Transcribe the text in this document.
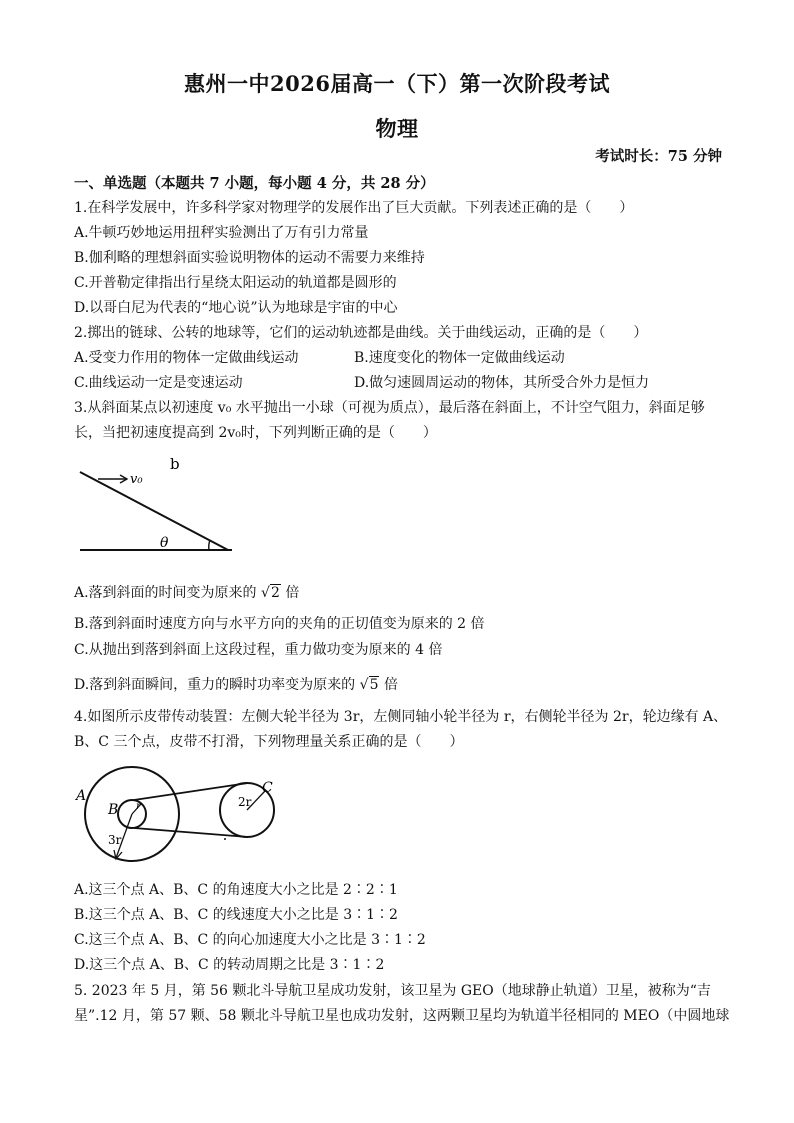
惠州一中2026届高一（下）第一次阶段考试
物理
考试时长：75 分钟
一、单选题（本题共 7 小题，每小题 4 分，共 28 分）
1.在科学发展中，许多科学家对物理学的发展作出了巨大贡献。下列表述正确的是（　　）
A.牛顿巧妙地运用扭秤实验测出了万有引力常量
B.伽利略的理想斜面实验说明物体的运动不需要力来维持
C.开普勒定律指出行星绕太阳运动的轨道都是圆形的
D.以哥白尼为代表的“地心说”认为地球是宇宙的中心
2.掷出的链球、公转的地球等，它们的运动轨迹都是曲线。关于曲线运动，正确的是（　　）
A.受变力作用的物体一定做曲线运动	B.速度变化的物体一定做曲线运动
C.曲线运动一定是变速运动	D.做匀速圆周运动的物体，其所受合外力是恒力
3.从斜面某点以初速度 v₀ 水平抛出一小球（可视为质点），最后落在斜面上，不计空气阻力，斜面足够
长，当把初速度提高到 2v₀时，下列判断正确的是（　　）
v₀
b
θ
A.落到斜面的时间变为原来的 √2 倍
B.落到斜面时速度方向与水平方向的夹角的正切值变为原来的 2 倍
C.从抛出到落到斜面上这段过程，重力做功变为原来的 4 倍
D.落到斜面瞬间，重力的瞬时功率变为原来的 √5 倍
4.如图所示皮带传动装置：左侧大轮半径为 3r，左侧同轴小轮半径为 r，右侧轮半径为 2r，轮边缘有 A、
B、C 三个点，皮带不打滑，下列物理量关系正确的是（　　）
A
B r
3r
C
2r
A.这三个点 A、B、C 的角速度大小之比是 2∶2∶1
B.这三个点 A、B、C 的线速度大小之比是 3∶1∶2
C.这三个点 A、B、C 的向心加速度大小之比是 3∶1∶2
D.这三个点 A、B、C 的转动周期之比是 3∶1∶2
5. 2023 年 5 月，第 56 颗北斗导航卫星成功发射，该卫星为 GEO（地球静止轨道）卫星，被称为“吉
星”.12 月，第 57 颗、58 颗北斗导航卫星也成功发射，这两颗卫星均为轨道半径相同的 MEO（中圆地球
